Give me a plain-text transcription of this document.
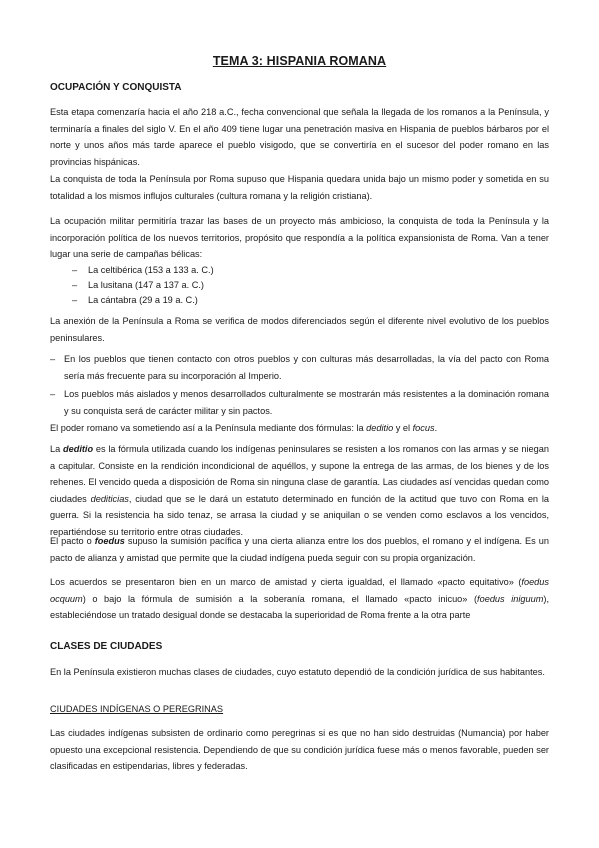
TEMA 3: HISPANIA ROMANA
OCUPACIÓN Y CONQUISTA

Esta etapa comenzaría hacia el año 218 a.C., fecha convencional que señala la llegada de los romanos a la Península, y terminaría a finales del siglo V. En el año 409 tiene lugar una penetración masiva en Hispania de pueblos bárbaros por el norte y unos años más tarde aparece el pueblo visigodo, que se convertiría en el sucesor del poder romano en las provincias hispánicas.

La conquista de toda la Península por Roma supuso que Hispania quedara unida bajo un mismo poder y sometida en su totalidad a los mismos influjos culturales (cultura romana y la religión cristiana).

La ocupación militar permitiría trazar las bases de un proyecto más ambicioso, la conquista de toda la Península y la incorporación política de los nuevos territorios, propósito que respondía a la política expansionista de Roma. Van a tener lugar una serie de campañas bélicas:

– La celtibérica (153 a 133 a. C.)
– La lusitana (147 a 137 a. C.)
– La cántabra (29 a 19 a. C.)

La anexión de la Península a Roma se verifica de modos diferenciados según el diferente nivel evolutivo de los pueblos peninsulares.

– En los pueblos que tienen contacto con otros pueblos y con culturas más desarrolladas, la vía del pacto con Roma sería más frecuente para su incorporación al Imperio.
– Los pueblos más aislados y menos desarrollados culturalmente se mostrarán más resistentes a la dominación romana y su conquista será de carácter militar y sin pactos.

El poder romano va sometiendo así a la Península mediante dos fórmulas: la deditio y el focus.

La deditio es la fórmula utilizada cuando los indígenas peninsulares se resisten a los romanos con las armas y se niegan a capitular. Consiste en la rendición incondicional de aquéllos, y supone la entrega de las armas, de los bienes y de los rehenes. El vencido queda a disposición de Roma sin ninguna clase de garantía. Las ciudades así vencidas quedan como ciudades dediticias, ciudad que se le dará un estatuto determinado en función de la actitud que tuvo con Roma en la guerra. Si la resistencia ha sido tenaz, se arrasa la ciudad y se aniquilan o se venden como esclavos a los vencidos, repartiéndose su territorio entre otras ciudades.

El pacto o foedus supuso la sumisión pacífica y una cierta alianza entre los dos pueblos, el romano y el indígena. Es un pacto de alianza y amistad que permite que la ciudad indígena pueda seguir con su propia organización.

Los acuerdos se presentaron bien en un marco de amistad y cierta igualdad, el llamado «pacto equitativo» (foedus ocquum) o bajo la fórmula de sumisión a la soberanía romana, el llamado «pacto inicuo» (foedus iniguum), estableciéndose un tratado desigual donde se destacaba la superioridad de Roma frente a la otra parte

CLASES DE CIUDADES

En la Península existieron muchas clases de ciudades, cuyo estatuto dependió de la condición jurídica de sus habitantes.

CIUDADES INDÍGENAS O PEREGRINAS

Las ciudades indígenas subsisten de ordinario como peregrinas si es que no han sido destruidas (Numancia) por haber opuesto una excepcional resistencia. Dependiendo de que su condición jurídica fuese más o menos favorable, pueden ser clasificadas en estipendarias, libres y federadas.
